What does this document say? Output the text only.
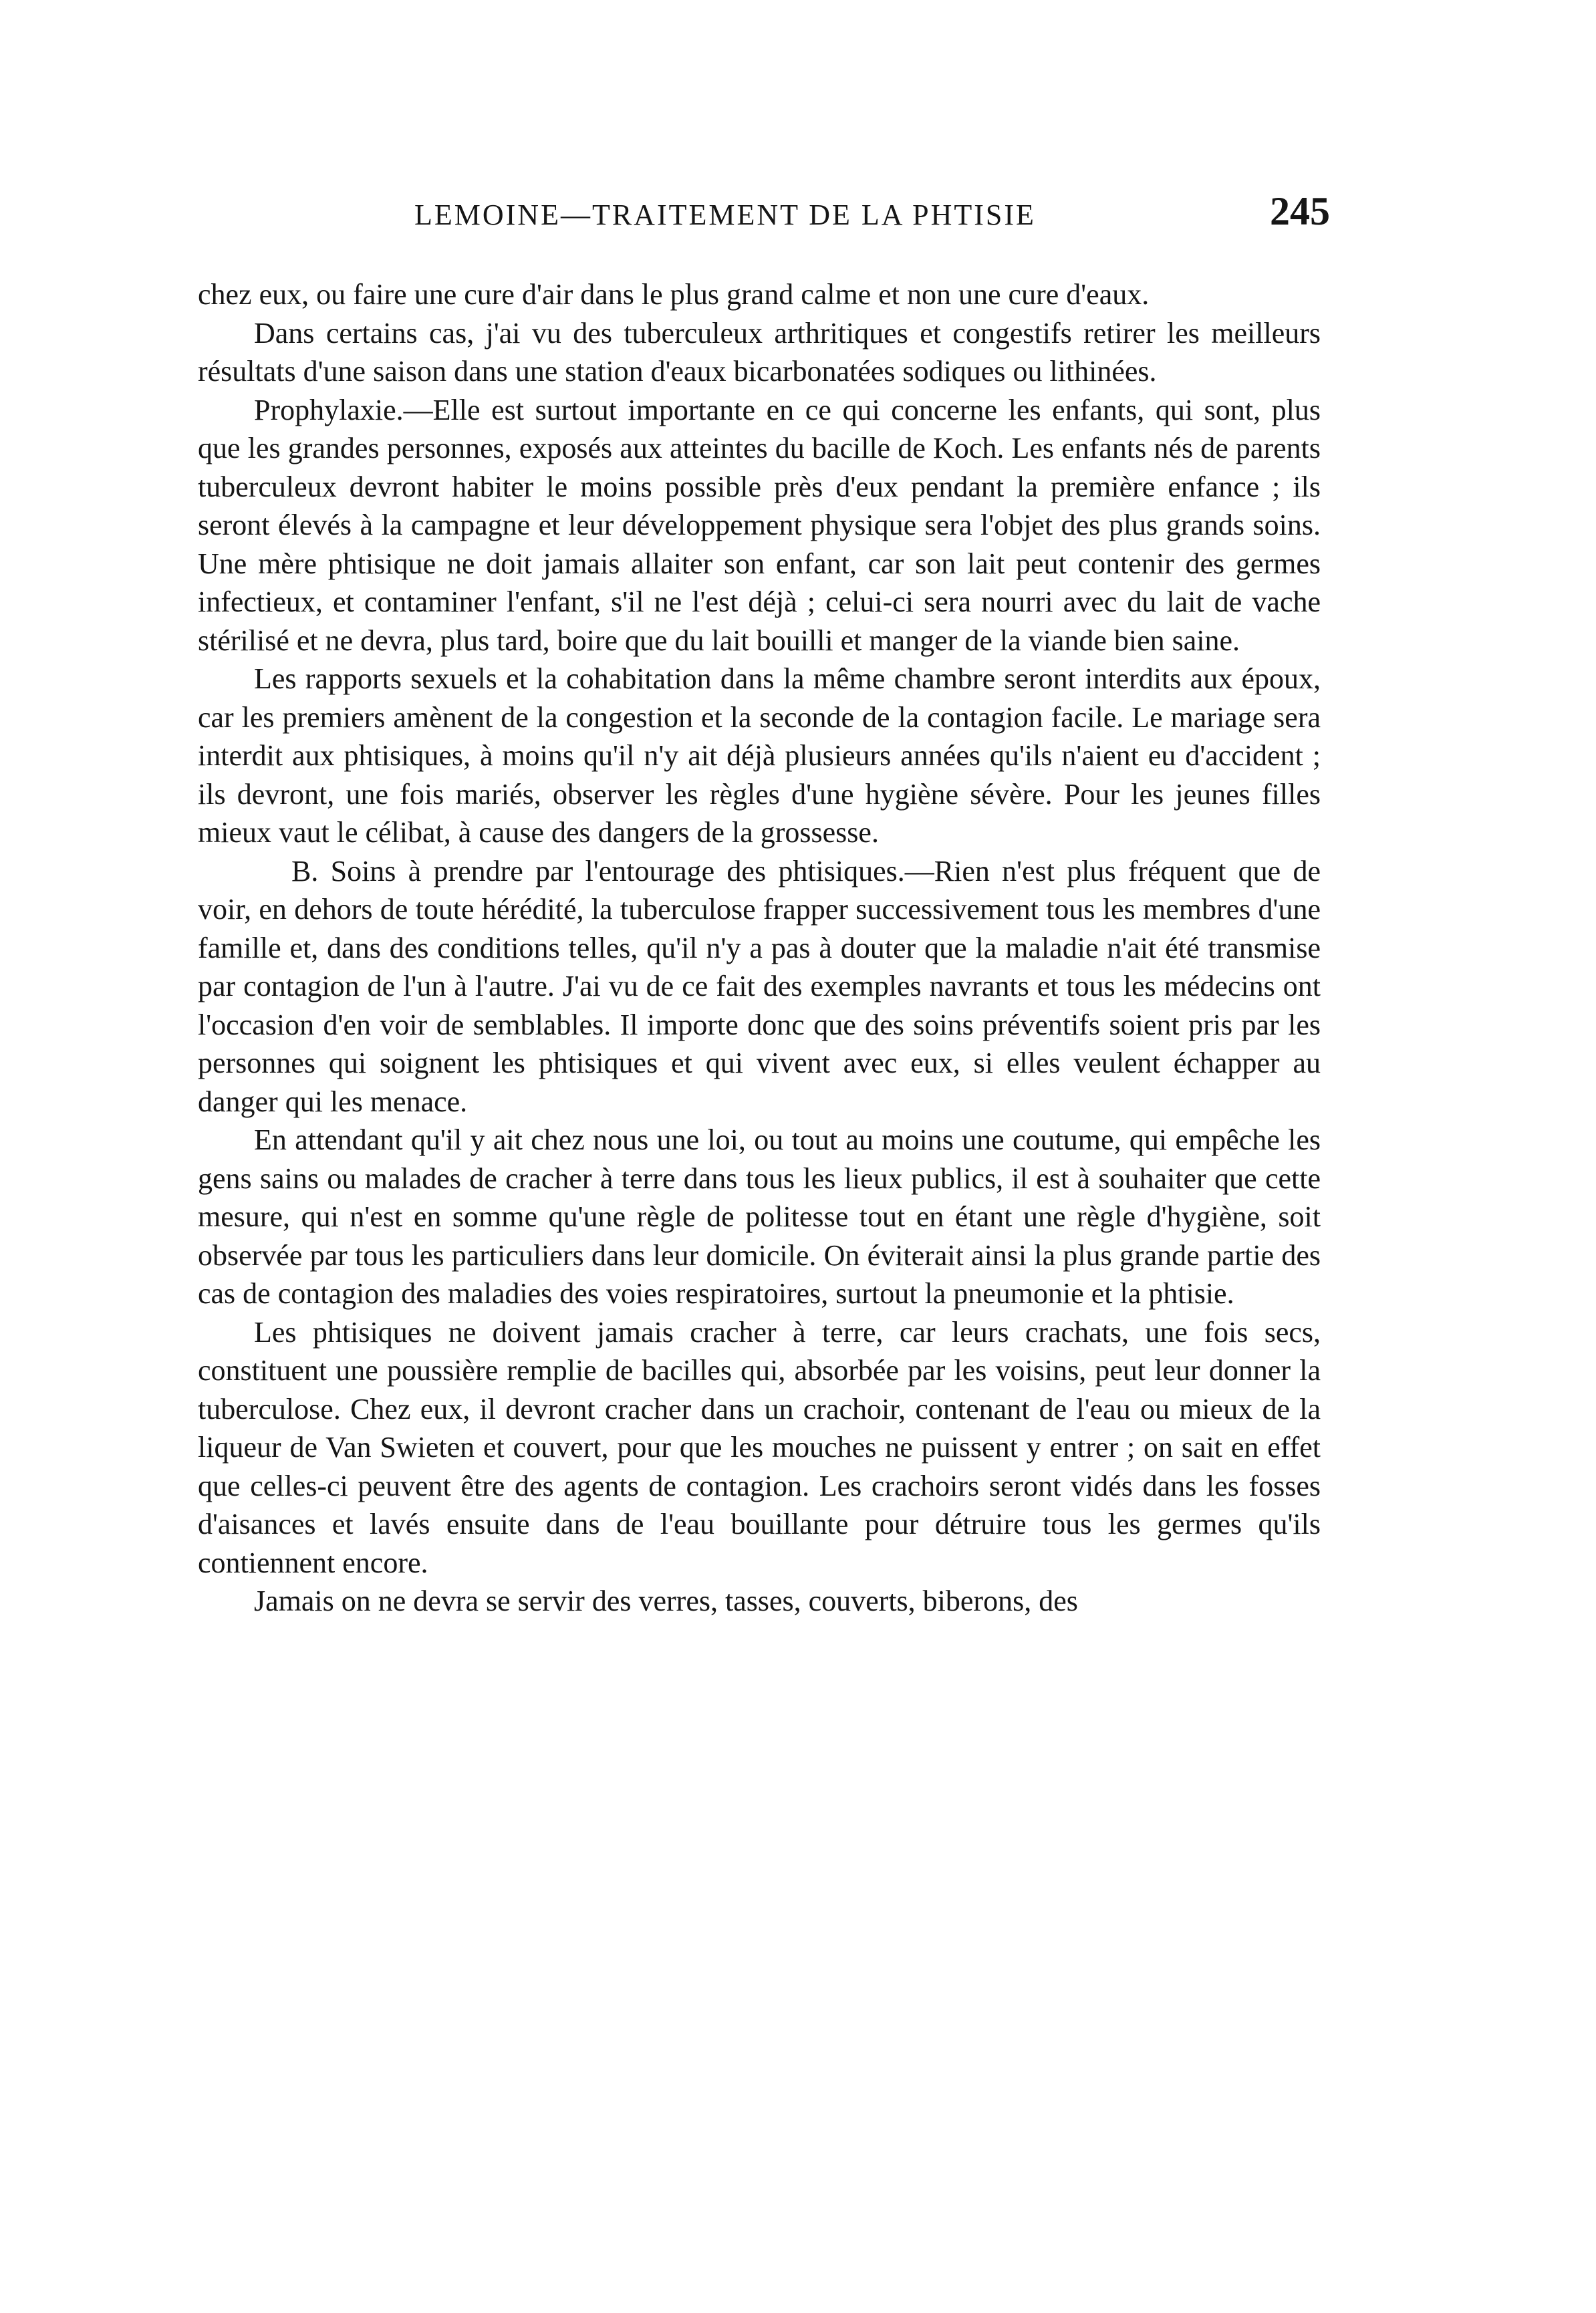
LEMOINE—TRAITEMENT DE LA PHTISIE	245

chez eux, ou faire une cure d'air dans le plus grand calme et non une cure d'eaux.

Dans certains cas, j'ai vu des tuberculeux arthritiques et congestifs retirer les meilleurs résultats d'une saison dans une station d'eaux bicarbonatées sodiques ou lithinées.

Prophylaxie.—Elle est surtout importante en ce qui concerne les enfants, qui sont, plus que les grandes personnes, exposés aux atteintes du bacille de Koch. Les enfants nés de parents tuberculeux devront habiter le moins possible près d'eux pendant la première enfance ; ils seront élevés à la campagne et leur développement physique sera l'objet des plus grands soins. Une mère phtisique ne doit jamais allaiter son enfant, car son lait peut contenir des germes infectieux, et contaminer l'enfant, s'il ne l'est déjà ; celui-ci sera nourri avec du lait de vache stérilisé et ne devra, plus tard, boire que du lait bouilli et manger de la viande bien saine.

Les rapports sexuels et la cohabitation dans la même chambre seront interdits aux époux, car les premiers amènent de la congestion et la seconde de la contagion facile. Le mariage sera interdit aux phtisiques, à moins qu'il n'y ait déjà plusieurs années qu'ils n'aient eu d'accident ; ils devront, une fois mariés, observer les règles d'une hygiène sévère. Pour les jeunes filles mieux vaut le célibat, à cause des dangers de la grossesse.

B. Soins à prendre par l'entourage des phtisiques.—Rien n'est plus fréquent que de voir, en dehors de toute hérédité, la tuberculose frapper successivement tous les membres d'une famille et, dans des conditions telles, qu'il n'y a pas à douter que la maladie n'ait été transmise par contagion de l'un à l'autre. J'ai vu de ce fait des exemples navrants et tous les médecins ont l'occasion d'en voir de semblables. Il importe donc que des soins préventifs soient pris par les personnes qui soignent les phtisiques et qui vivent avec eux, si elles veulent échapper au danger qui les menace.

En attendant qu'il y ait chez nous une loi, ou tout au moins une coutume, qui empêche les gens sains ou malades de cracher à terre dans tous les lieux publics, il est à souhaiter que cette mesure, qui n'est en somme qu'une règle de politesse tout en étant une règle d'hygiène, soit observée par tous les particuliers dans leur domicile. On éviterait ainsi la plus grande partie des cas de contagion des maladies des voies respiratoires, surtout la pneumonie et la phtisie.

Les phtisiques ne doivent jamais cracher à terre, car leurs crachats, une fois secs, constituent une poussière remplie de bacilles qui, absorbée par les voisins, peut leur donner la tuberculose. Chez eux, il devront cracher dans un crachoir, contenant de l'eau ou mieux de la liqueur de Van Swieten et couvert, pour que les mouches ne puissent y entrer ; on sait en effet que celles-ci peuvent être des agents de contagion. Les crachoirs seront vidés dans les fosses d'aisances et lavés ensuite dans de l'eau bouillante pour détruire tous les germes qu'ils contiennent encore.

Jamais on ne devra se servir des verres, tasses, couverts, biberons, des
